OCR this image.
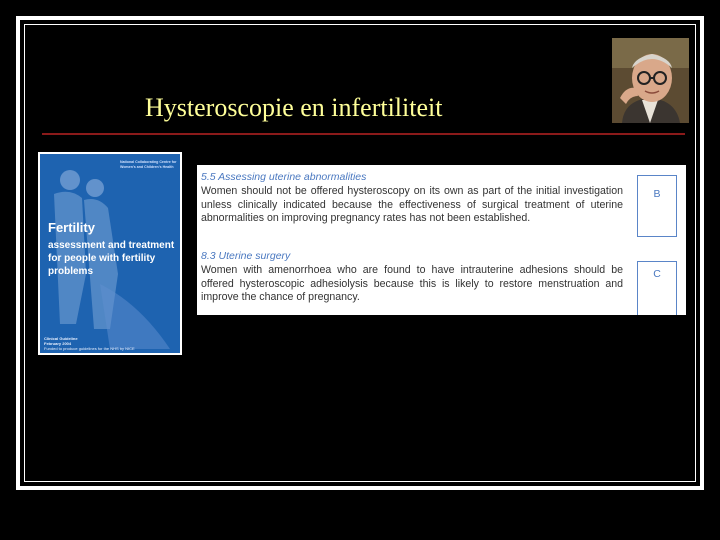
Hysteroscopie en infertiliteit
National Collaborating Centre for Women's and Children's Health
Fertility
assessment and treatment for people with fertility problems
Clinical Guideline
February 2004
Funded to produce guidelines for the NHS by NICE
5.5 Assessing uterine abnormalities
Women should not be offered hysteroscopy on its own as part of the initial investigation unless clinically indicated because the effectiveness of surgical treatment of uterine abnormalities on improving pregnancy rates has not been established.
B
8.3 Uterine surgery
Women with amenorrhoea who are found to have intrauterine adhesions should be offered hysteroscopic adhesiolysis because this is likely to restore menstruation and improve the chance of pregnancy.
C
